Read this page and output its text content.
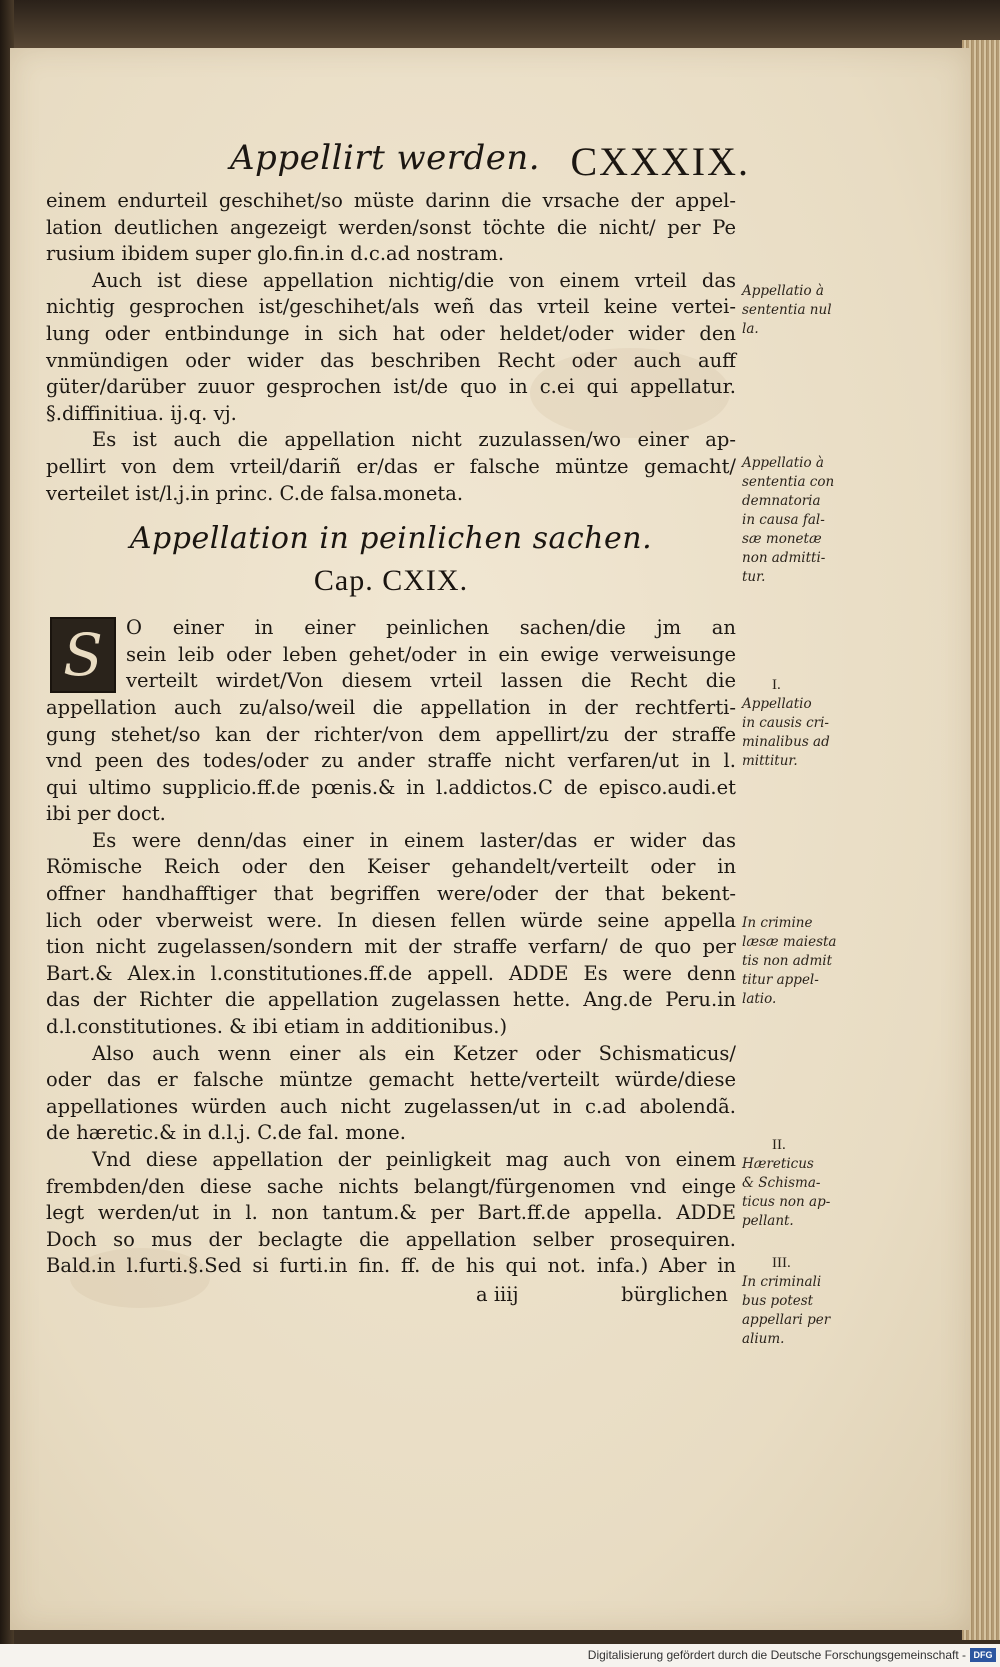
Appellirt werden. CXXXIX.
einem endurteil geschihet/so müste darinn die vrsache der appel-
lation deutlichen angezeigt werden/sonst töchte die nicht/ per Pe
rusium ibidem super glo.fin.in d.c.ad nostram.
Auch ist diese appellation nichtig/die von einem vrteil das
nichtig gesprochen ist/geschihet/als weñ das vrteil keine vertei-
lung oder entbindunge in sich hat oder heldet/oder wider den
vnmündigen oder wider das beschriben Recht oder auch auff
güter/darüber zuuor gesprochen ist/de quo in c.ei qui appellatur.
§.diffinitiua. ij.q. vj.
Es ist auch die appellation nicht zuzulassen/wo einer ap-
pellirt von dem vrteil/dariñ er/das er falsche müntze gemacht/
verteilet ist/l.j.in princ. C.de falsa.moneta.
Appellation in peinlichen sachen.
Cap. CXIX.
S	O einer in einer peinlichen sachen/die jm an
sein leib oder leben gehet/oder in ein ewige verweisunge
verteilt wirdet/Von diesem vrteil lassen die Recht die
appellation auch zu/also/weil die appellation in der rechtferti-
gung stehet/so kan der richter/von dem appellirt/zu der straffe
vnd peen des todes/oder zu ander straffe nicht verfaren/ut in l.
qui ultimo supplicio.ff.de pœnis.& in l.addictos.C de episco.audi.et
ibi per doct.
Es were denn/das einer in einem laster/das er wider das
Römische Reich oder den Keiser gehandelt/verteilt oder in
offner handhafftiger that begriffen were/oder der that bekent-
lich oder vberweist were. In diesen fellen würde seine appella
tion nicht zugelassen/sondern mit der straffe verfarn/ de quo per
Bart.& Alex.in l.constitutiones.ff.de appell. ADDE Es were denn
das der Richter die appellation zugelassen hette. Ang.de Peru.in
d.l.constitutiones. & ibi etiam in additionibus.)
Also auch wenn einer als ein Ketzer oder Schismaticus/
oder das er falsche müntze gemacht hette/verteilt würde/diese
appellationes würden auch nicht zugelassen/ut in c.ad abolendã.
de hæretic.& in d.l.j. C.de fal. mone.
Vnd diese appellation der peinligkeit mag auch von einem
frembden/den diese sache nichts belangt/fürgenomen vnd einge
legt werden/ut in l. non tantum.& per Bart.ff.de appella. ADDE
Doch so mus der beclagte die appellation selber prosequiren.
Bald.in l.furti.§.Sed si furti.in fin. ff. de his qui not. infa.) Aber in
a iiij	bürglichen
Appellatio à
sententia nul
la.
Appellatio à
sententia con
demnatoria
in causa fal-
sæ monetæ
non admitti-
tur.
I.
Appellatio
in causis cri-
minalibus ad
mittitur.
In crimine
læsæ maiesta
tis non admit
titur appel-
latio.
II.
Hæreticus
& Schisma-
ticus non ap-
pellant.
III.
In criminali
bus potest
appellari per
alium.
Digitalisierung gefördert durch die Deutsche Forschungsgemeinschaft - DFG
